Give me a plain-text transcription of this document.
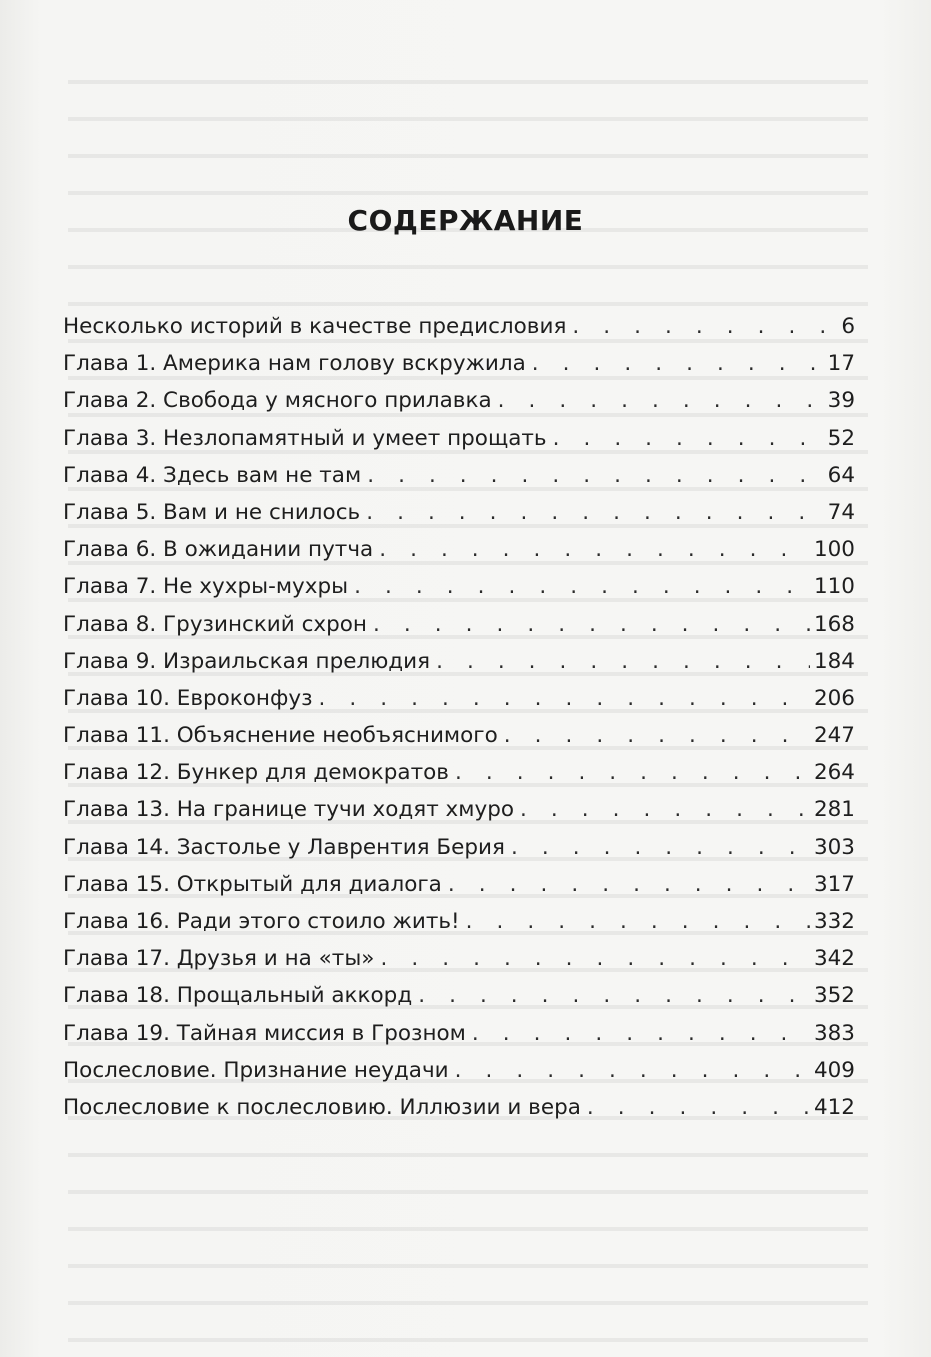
СОДЕРЖАНИЕ
Несколько историй в качестве предисловия . . .	6
Глава 1. Америка нам голову вскружила . . .	17
Глава 2. Свобода у мясного прилавка . . .	39
Глава 3. Незлопамятный и умеет прощать . . .	52
Глава 4. Здесь вам не там . . .	64
Глава 5. Вам и не снилось . . .	74
Глава 6. В ожидании путча . . .	100
Глава 7. Не хухры-мухры . . .	110
Глава 8. Грузинский схрон . . .	168
Глава 9. Израильская прелюдия . . .	184
Глава 10. Евроконфуз . . .	206
Глава 11. Объяснение необъяснимого . . .	247
Глава 12. Бункер для демократов . . .	264
Глава 13. На границе тучи ходят хмуро . . .	281
Глава 14. Застолье у Лаврентия Берия . . .	303
Глава 15. Открытый для диалога . . .	317
Глава 16. Ради этого стоило жить! . . .	332
Глава 17. Друзья и на «ты» . . .	342
Глава 18. Прощальный аккорд . . .	352
Глава 19. Тайная миссия в Грозном . . .	383
Послесловие. Признание неудачи . . .	409
Послесловие к послесловию. Иллюзии и вера . . .	412
